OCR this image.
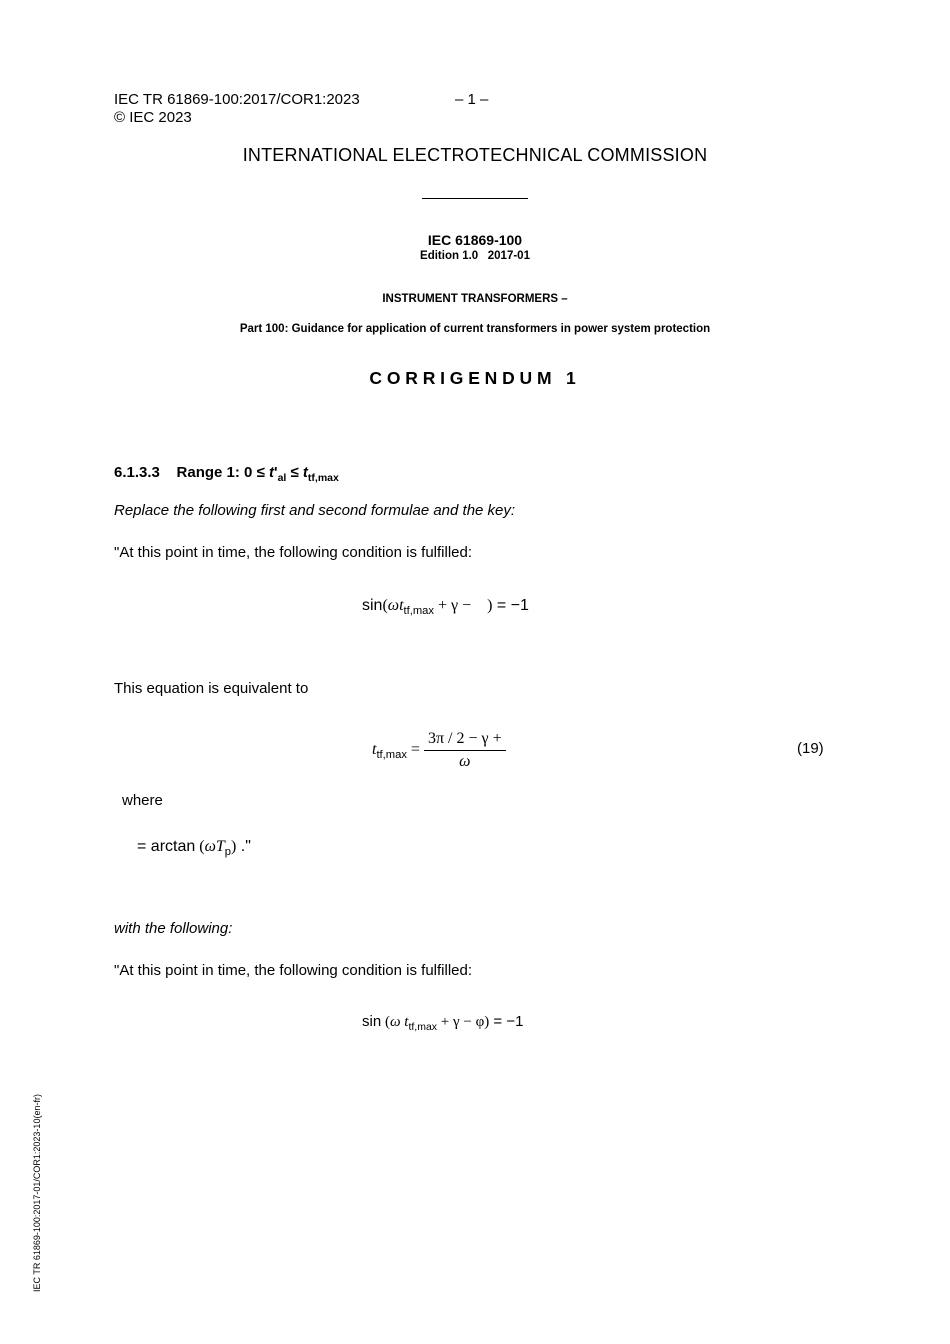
IEC TR 61869-100:2017/COR1:2023	– 1 –
© IEC 2023
INTERNATIONAL ELECTROTECHNICAL COMMISSION
IEC 61869-100
Edition 1.0   2017-01
INSTRUMENT TRANSFORMERS –
Part 100: Guidance for application of current transformers in power system protection
CORRIGENDUM 1
6.1.3.3 Range 1: $0 \le t'_{al} \le t_{tf,max}$
Replace the following first and second formulae and the key:
"At this point in time, the following condition is fulfilled:
$\sin(\omega t_{tf,max} + \gamma$ −    ) = −1
This equation is equivalent to
$t_{tf,max} = \frac{3\pi / 2 - \gamma +}{\omega}$	(19)
where
= $\arctan (\omega T_p)$ ."
with the following:
"At this point in time, the following condition is fulfilled:
sin (ω $t_{tf,max} + \gamma - \varphi) = -1$
IEC TR 61869-100:2017-01/COR1:2023-10(en-fr)
